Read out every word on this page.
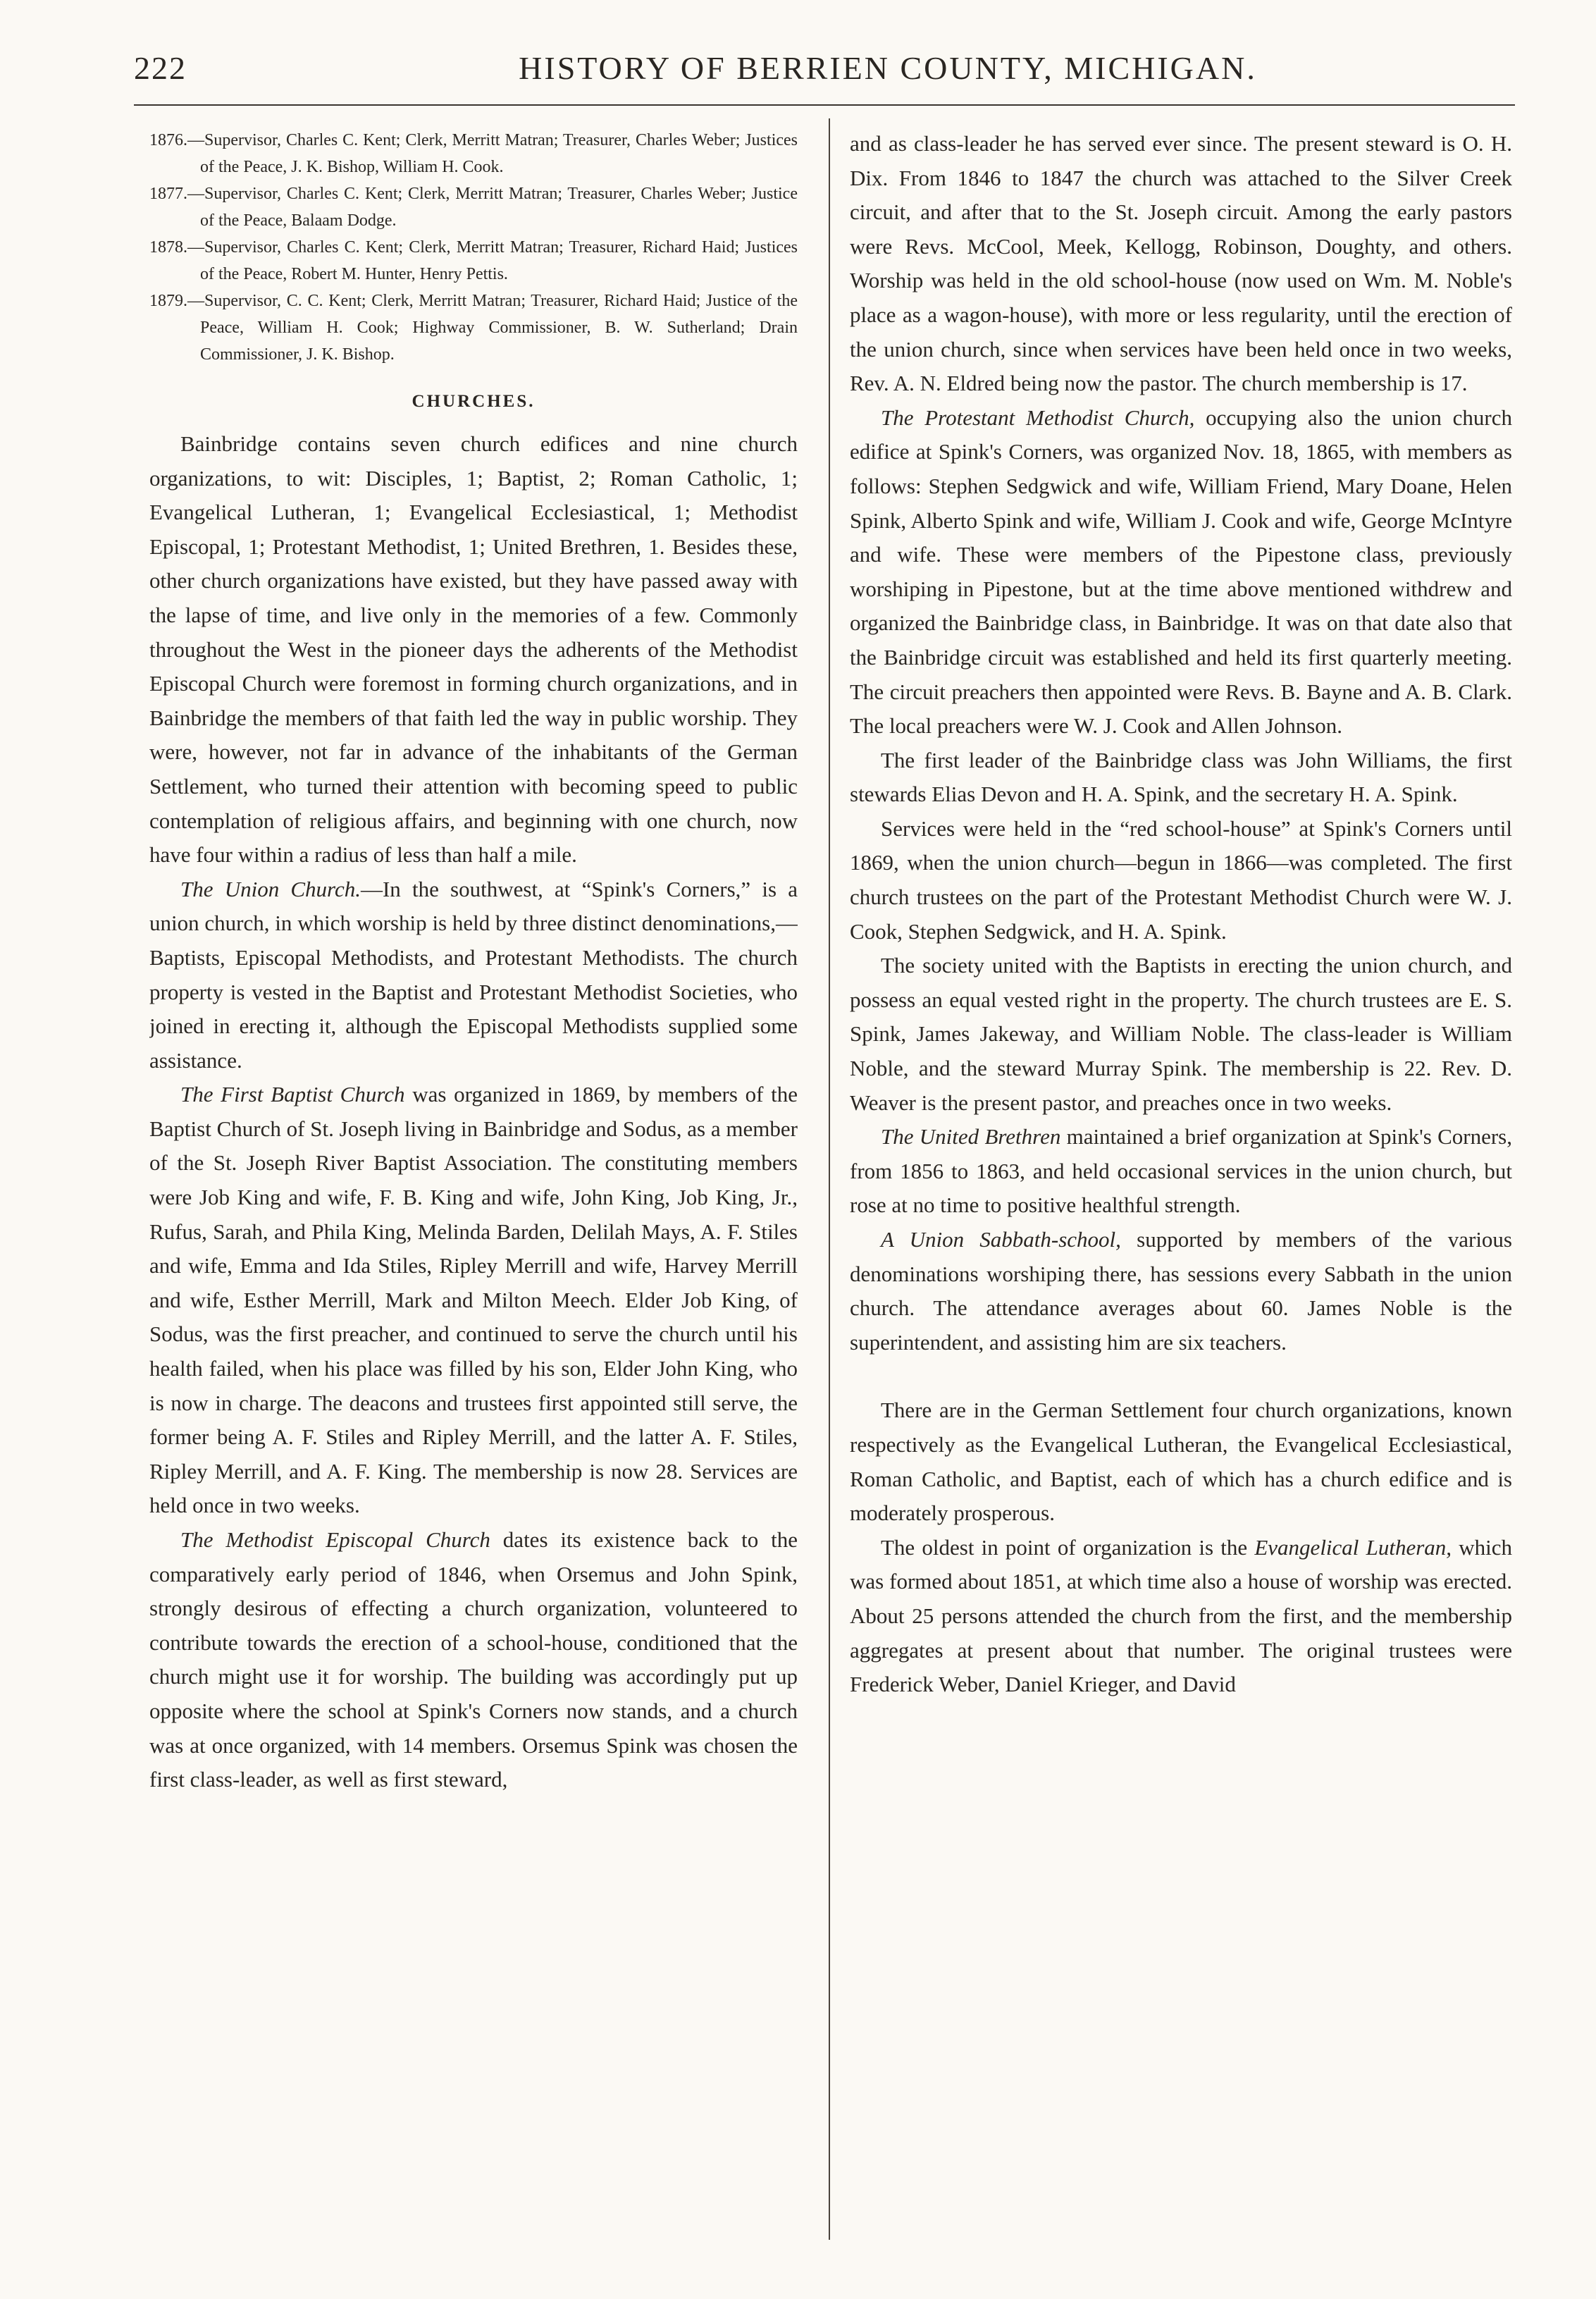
222	HISTORY OF BERRIEN COUNTY, MICHIGAN.

1876.—Supervisor, Charles C. Kent; Clerk, Merritt Matran; Treasurer, Charles Weber; Justices of the Peace, J. K. Bishop, William H. Cook.

1877.—Supervisor, Charles C. Kent; Clerk, Merritt Matran; Treasurer, Charles Weber; Justice of the Peace, Balaam Dodge.

1878.—Supervisor, Charles C. Kent; Clerk, Merritt Matran; Treasurer, Richard Haid; Justices of the Peace, Robert M. Hunter, Henry Pettis.

1879.—Supervisor, C. C. Kent; Clerk, Merritt Matran; Treasurer, Richard Haid; Justice of the Peace, William H. Cook; Highway Commissioner, B. W. Sutherland; Drain Commissioner, J. K. Bishop.

CHURCHES.

Bainbridge contains seven church edifices and nine church organizations, to wit: Disciples, 1; Baptist, 2; Roman Catholic, 1; Evangelical Lutheran, 1; Evangelical Ecclesiastical, 1; Methodist Episcopal, 1; Protestant Methodist, 1; United Brethren, 1. Besides these, other church organizations have existed, but they have passed away with the lapse of time, and live only in the memories of a few. Commonly throughout the West in the pioneer days the adherents of the Methodist Episcopal Church were foremost in forming church organizations, and in Bainbridge the members of that faith led the way in public worship. They were, however, not far in advance of the inhabitants of the German Settlement, who turned their attention with becoming speed to public contemplation of religious affairs, and beginning with one church, now have four within a radius of less than half a mile.

The Union Church.—In the southwest, at “Spink's Corners,” is a union church, in which worship is held by three distinct denominations,—Baptists, Episcopal Methodists, and Protestant Methodists. The church property is vested in the Baptist and Protestant Methodist Societies, who joined in erecting it, although the Episcopal Methodists supplied some assistance.

The First Baptist Church was organized in 1869, by members of the Baptist Church of St. Joseph living in Bainbridge and Sodus, as a member of the St. Joseph River Baptist Association. The constituting members were Job King and wife, F. B. King and wife, John King, Job King, Jr., Rufus, Sarah, and Phila King, Melinda Barden, Delilah Mays, A. F. Stiles and wife, Emma and Ida Stiles, Ripley Merrill and wife, Harvey Merrill and wife, Esther Merrill, Mark and Milton Meech. Elder Job King, of Sodus, was the first preacher, and continued to serve the church until his health failed, when his place was filled by his son, Elder John King, who is now in charge. The deacons and trustees first appointed still serve, the former being A. F. Stiles and Ripley Merrill, and the latter A. F. Stiles, Ripley Merrill, and A. F. King. The membership is now 28. Services are held once in two weeks.

The Methodist Episcopal Church dates its existence back to the comparatively early period of 1846, when Orsemus and John Spink, strongly desirous of effecting a church organization, volunteered to contribute towards the erection of a school-house, conditioned that the church might use it for worship. The building was accordingly put up opposite where the school at Spink's Corners now stands, and a church was at once organized, with 14 members. Orsemus Spink was chosen the first class-leader, as well as first steward,

and as class-leader he has served ever since. The present steward is O. H. Dix. From 1846 to 1847 the church was attached to the Silver Creek circuit, and after that to the St. Joseph circuit. Among the early pastors were Revs. McCool, Meek, Kellogg, Robinson, Doughty, and others. Worship was held in the old school-house (now used on Wm. M. Noble's place as a wagon-house), with more or less regularity, until the erection of the union church, since when services have been held once in two weeks, Rev. A. N. Eldred being now the pastor. The church membership is 17.

The Protestant Methodist Church, occupying also the union church edifice at Spink's Corners, was organized Nov. 18, 1865, with members as follows: Stephen Sedgwick and wife, William Friend, Mary Doane, Helen Spink, Alberto Spink and wife, William J. Cook and wife, George McIntyre and wife. These were members of the Pipestone class, previously worshiping in Pipestone, but at the time above mentioned withdrew and organized the Bainbridge class, in Bainbridge. It was on that date also that the Bainbridge circuit was established and held its first quarterly meeting. The circuit preachers then appointed were Revs. B. Bayne and A. B. Clark. The local preachers were W. J. Cook and Allen Johnson.

The first leader of the Bainbridge class was John Williams, the first stewards Elias Devon and H. A. Spink, and the secretary H. A. Spink.

Services were held in the “red school-house” at Spink's Corners until 1869, when the union church—begun in 1866—was completed. The first church trustees on the part of the Protestant Methodist Church were W. J. Cook, Stephen Sedgwick, and H. A. Spink.

The society united with the Baptists in erecting the union church, and possess an equal vested right in the property. The church trustees are E. S. Spink, James Jakeway, and William Noble. The class-leader is William Noble, and the steward Murray Spink. The membership is 22. Rev. D. Weaver is the present pastor, and preaches once in two weeks.

The United Brethren maintained a brief organization at Spink's Corners, from 1856 to 1863, and held occasional services in the union church, but rose at no time to positive healthful strength.

A Union Sabbath-school, supported by members of the various denominations worshiping there, has sessions every Sabbath in the union church. The attendance averages about 60. James Noble is the superintendent, and assisting him are six teachers.

There are in the German Settlement four church organizations, known respectively as the Evangelical Lutheran, the Evangelical Ecclesiastical, Roman Catholic, and Baptist, each of which has a church edifice and is moderately prosperous.

The oldest in point of organization is the Evangelical Lutheran, which was formed about 1851, at which time also a house of worship was erected. About 25 persons attended the church from the first, and the membership aggregates at present about that number. The original trustees were Frederick Weber, Daniel Krieger, and David
